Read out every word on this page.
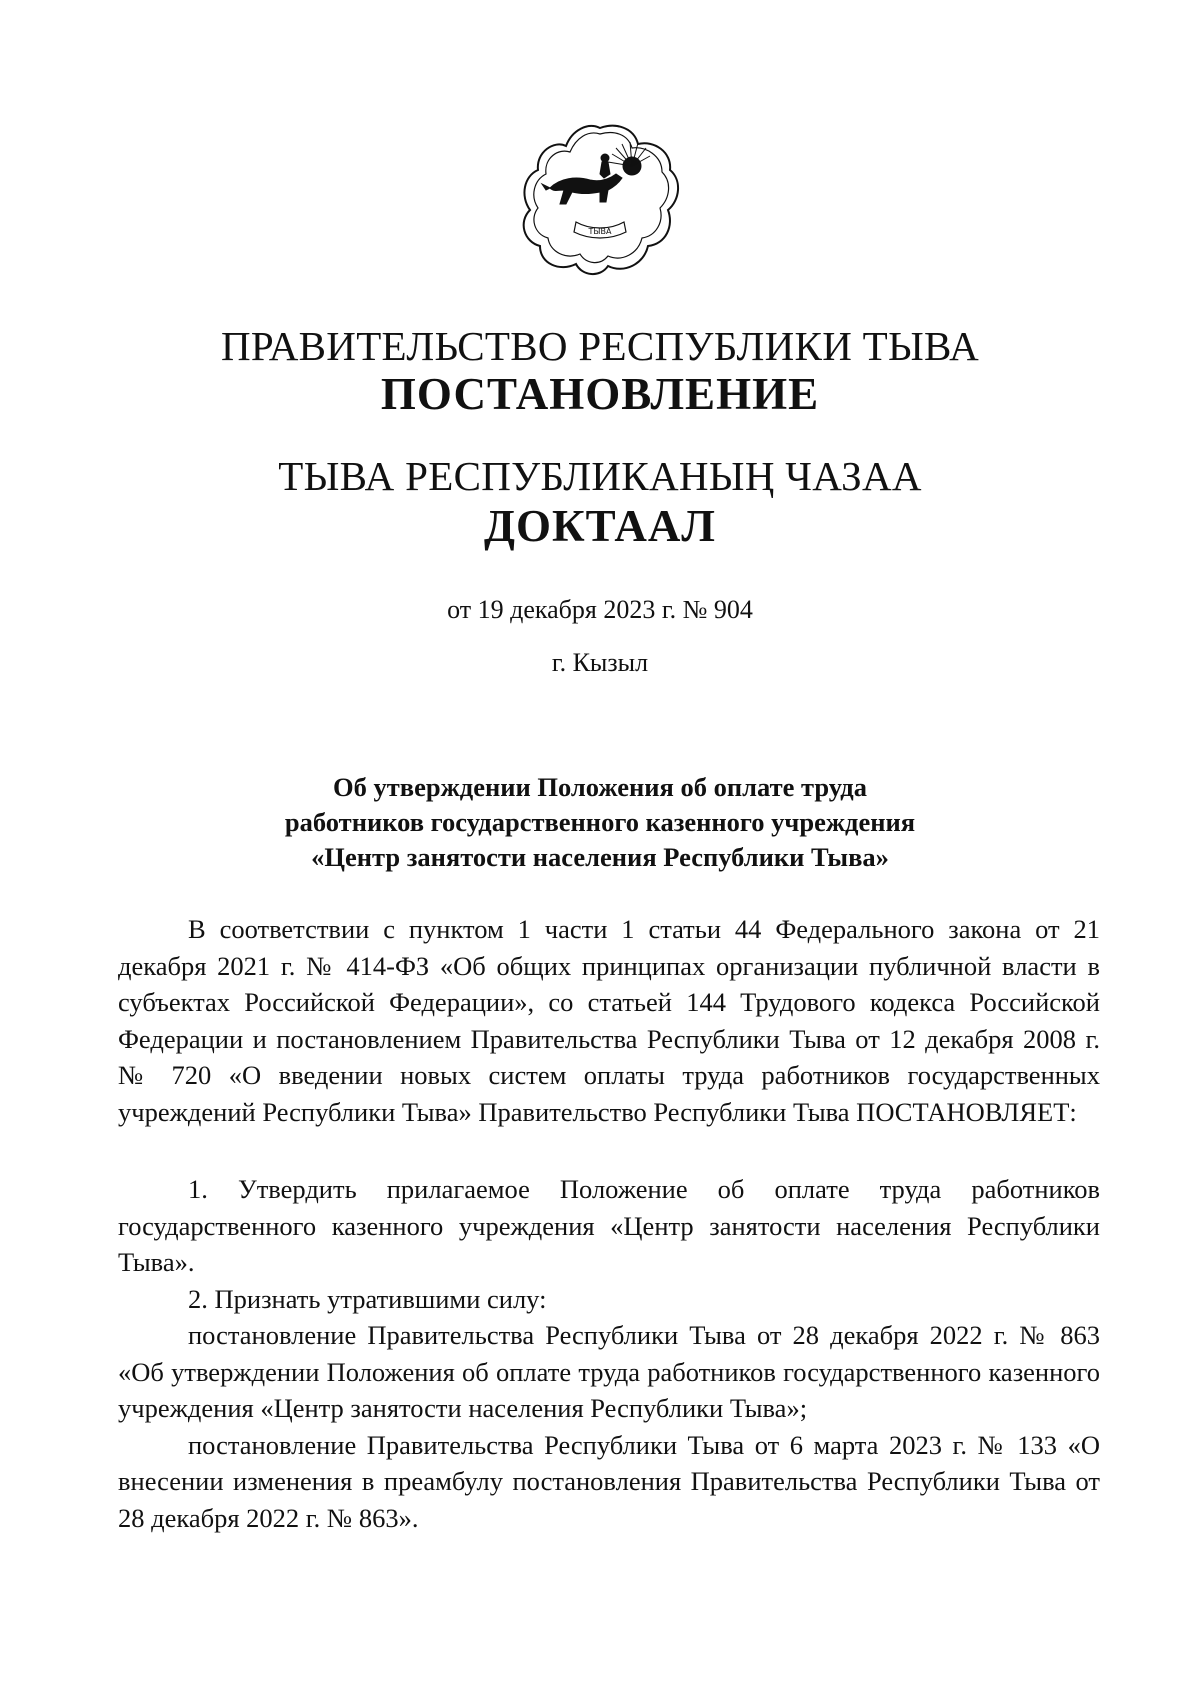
ТЫВА
ПРАВИТЕЛЬСТВО РЕСПУБЛИКИ ТЫВА
ПОСТАНОВЛЕНИЕ
ТЫВА РЕСПУБЛИКАНЫҢ ЧАЗАА
ДОКТААЛ
от 19 декабря 2023 г. № 904
г. Кызыл
Об утверждении Положения об оплате труда
работников государственного казенного учреждения
«Центр занятости населения Республики Тыва»

В соответствии с пунктом 1 части 1 статьи 44 Федерального закона от 21 декабря 2021 г. № 414-ФЗ «Об общих принципах организации публичной власти в субъектах Российской Федерации», со статьей 144 Трудового кодекса Российской Федерации и постановлением Правительства Республики Тыва от 12 декабря 2008 г. № 720 «О введении новых систем оплаты труда работников государственных учреждений Республики Тыва» Правительство Республики Тыва ПОСТАНОВЛЯЕТ:

1. Утвердить прилагаемое Положение об оплате труда работников государственного казенного учреждения «Центр занятости населения Республики Тыва».

2. Признать утратившими силу:

постановление Правительства Республики Тыва от 28 декабря 2022 г. № 863 «Об утверждении Положения об оплате труда работников государственного казенного учреждения «Центр занятости населения Республики Тыва»;

постановление Правительства Республики Тыва от 6 марта 2023 г. № 133 «О внесении изменения в преамбулу постановления Правительства Республики Тыва от 28 декабря 2022 г. № 863».
